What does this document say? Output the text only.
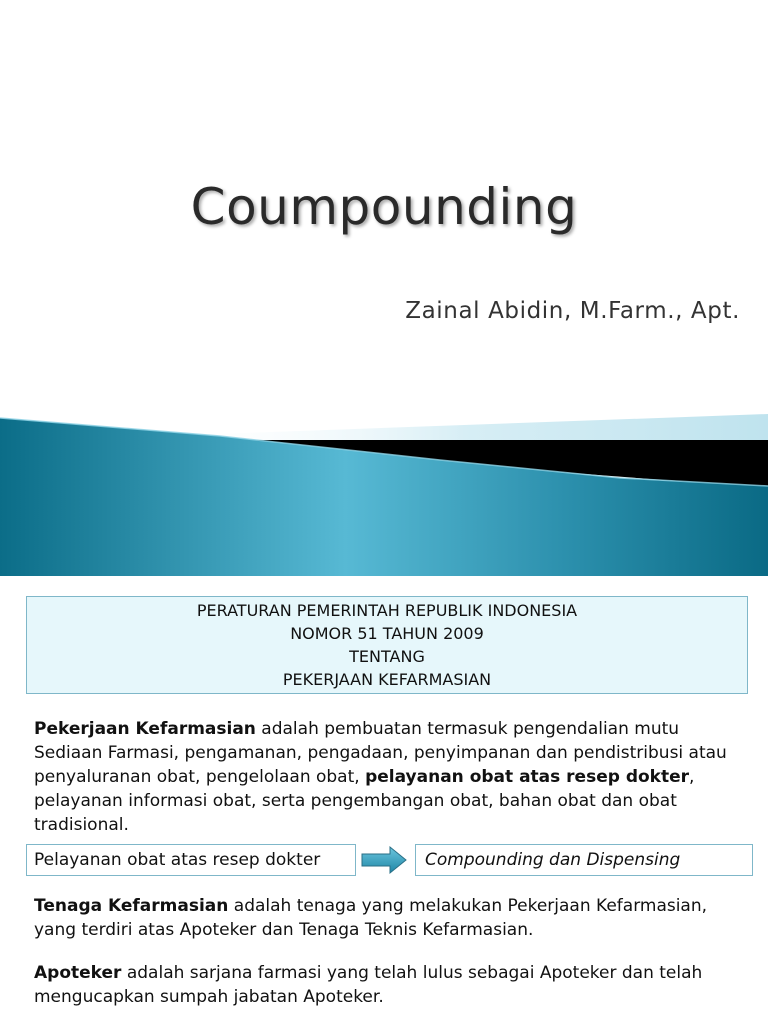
Coumpounding
Zainal Abidin, M.Farm., Apt.
PERATURAN PEMERINTAH REPUBLIK INDONESIA
NOMOR 51 TAHUN 2009
TENTANG
PEKERJAAN KEFARMASIAN
Pekerjaan Kefarmasian adalah pembuatan termasuk pengendalian mutu Sediaan Farmasi, pengamanan, pengadaan, penyimpanan dan pendistribusi atau penyaluranan obat, pengelolaan obat, pelayanan obat atas resep dokter, pelayanan informasi obat, serta pengembangan obat, bahan obat dan obat tradisional.
Pelayanan obat atas resep dokter	Compounding dan Dispensing
Tenaga Kefarmasian adalah tenaga yang melakukan Pekerjaan Kefarmasian, yang terdiri atas Apoteker dan Tenaga Teknis Kefarmasian.
Apoteker adalah sarjana farmasi yang telah lulus sebagai Apoteker dan telah mengucapkan sumpah jabatan Apoteker.
